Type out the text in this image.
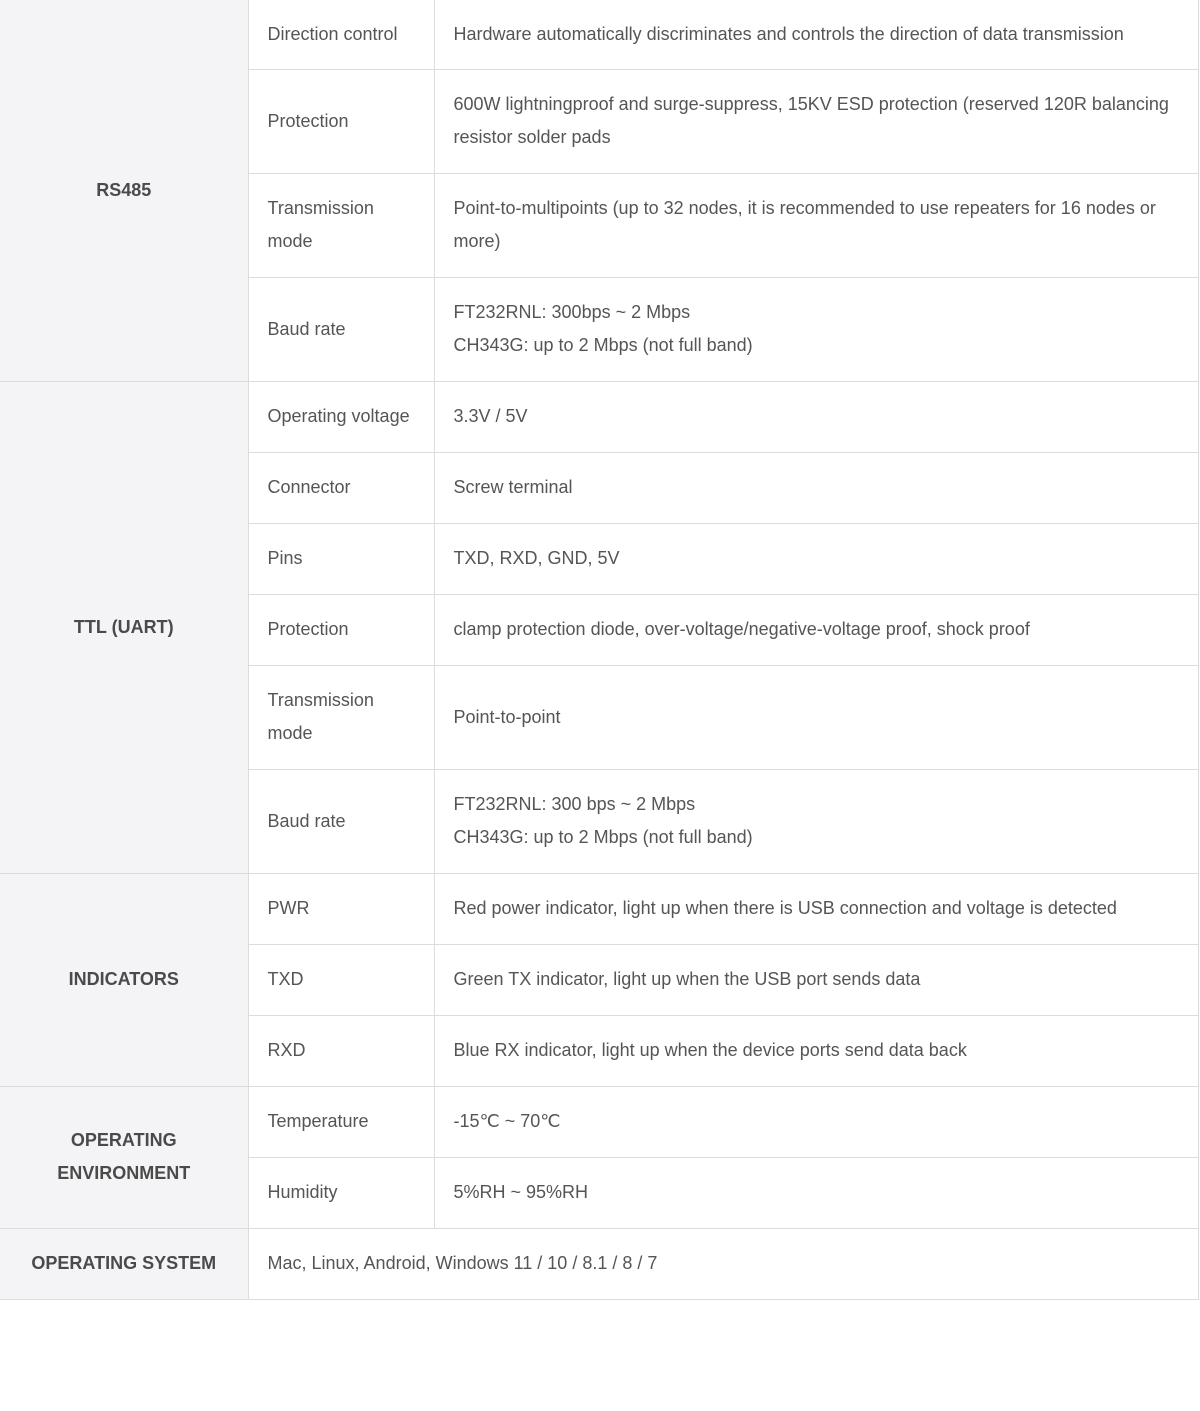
RS485	Direction control	Hardware automatically discriminates and controls the direction of data transmission

	Protection	600W lightningproof and surge-suppress, 15KV ESD protection (reserved 120R balancing resistor solder pads

	Transmission mode	Point-to-multipoints (up to 32 nodes, it is recommended to use repeaters for 16 nodes or more)

	Baud rate	FT232RNL: 300bps ~ 2 Mbps
CH343G: up to 2 Mbps (not full band)

TTL (UART)	Operating voltage	3.3V / 5V

	Connector	Screw terminal

	Pins	TXD, RXD, GND, 5V

	Protection	clamp protection diode, over-voltage/negative-voltage proof, shock proof

	Transmission mode	Point-to-point

	Baud rate	FT232RNL: 300 bps ~ 2 Mbps
CH343G: up to 2 Mbps (not full band)

INDICATORS	PWR	Red power indicator, light up when there is USB connection and voltage is detected

	TXD	Green TX indicator, light up when the USB port sends data

	RXD	Blue RX indicator, light up when the device ports send data back

OPERATING ENVIRONMENT	Temperature	-15℃ ~ 70℃

	Humidity	5%RH ~ 95%RH

OPERATING SYSTEM	Mac, Linux, Android, Windows 11 / 10 / 8.1 / 8 / 7	
